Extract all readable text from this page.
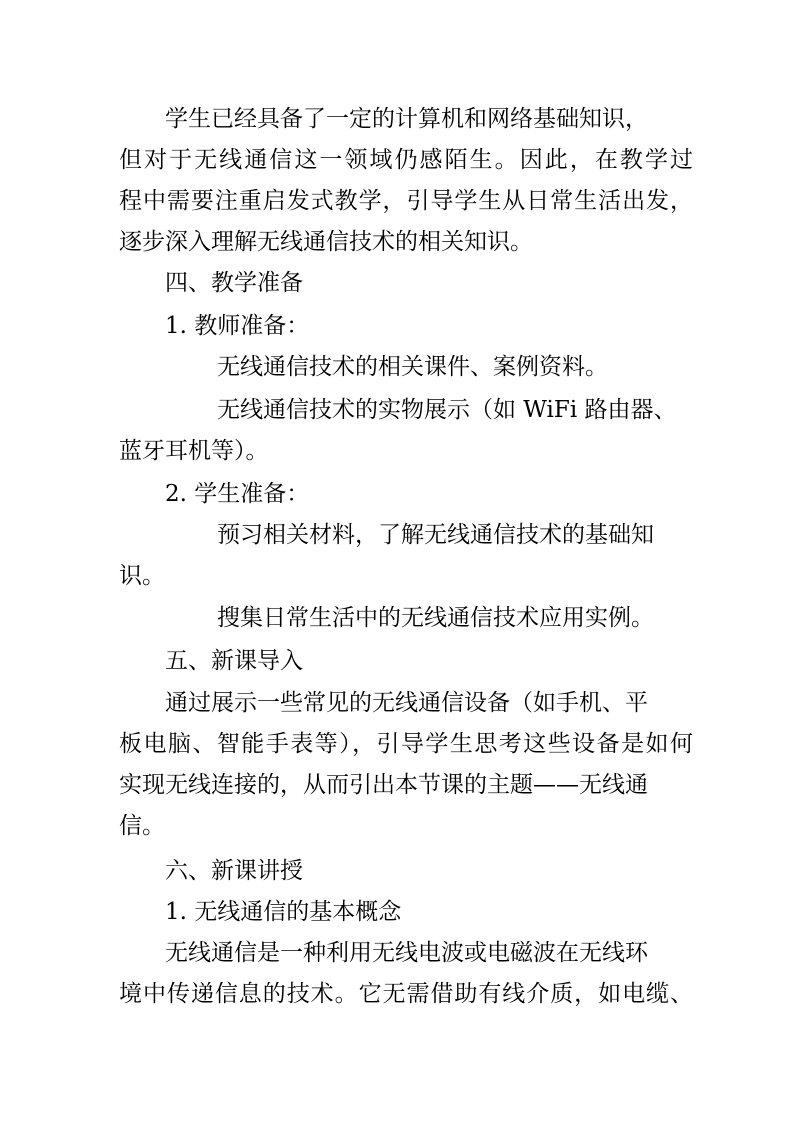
学生已经具备了一定的计算机和网络基础知识，
但对于无线通信这一领域仍感陌生。因此，在教学过
程中需要注重启发式教学，引导学生从日常生活出发，
逐步深入理解无线通信技术的相关知识。
四、教学准备
1. 教师准备：
无线通信技术的相关课件、案例资料。
无线通信技术的实物展示（如 WiFi 路由器、
蓝牙耳机等）。
2. 学生准备：
预习相关材料，了解无线通信技术的基础知
识。
搜集日常生活中的无线通信技术应用实例。
五、新课导入
通过展示一些常见的无线通信设备（如手机、平
板电脑、智能手表等），引导学生思考这些设备是如何
实现无线连接的，从而引出本节课的主题——无线通
信。
六、新课讲授
1. 无线通信的基本概念
无线通信是一种利用无线电波或电磁波在无线环
境中传递信息的技术。它无需借助有线介质，如电缆、
